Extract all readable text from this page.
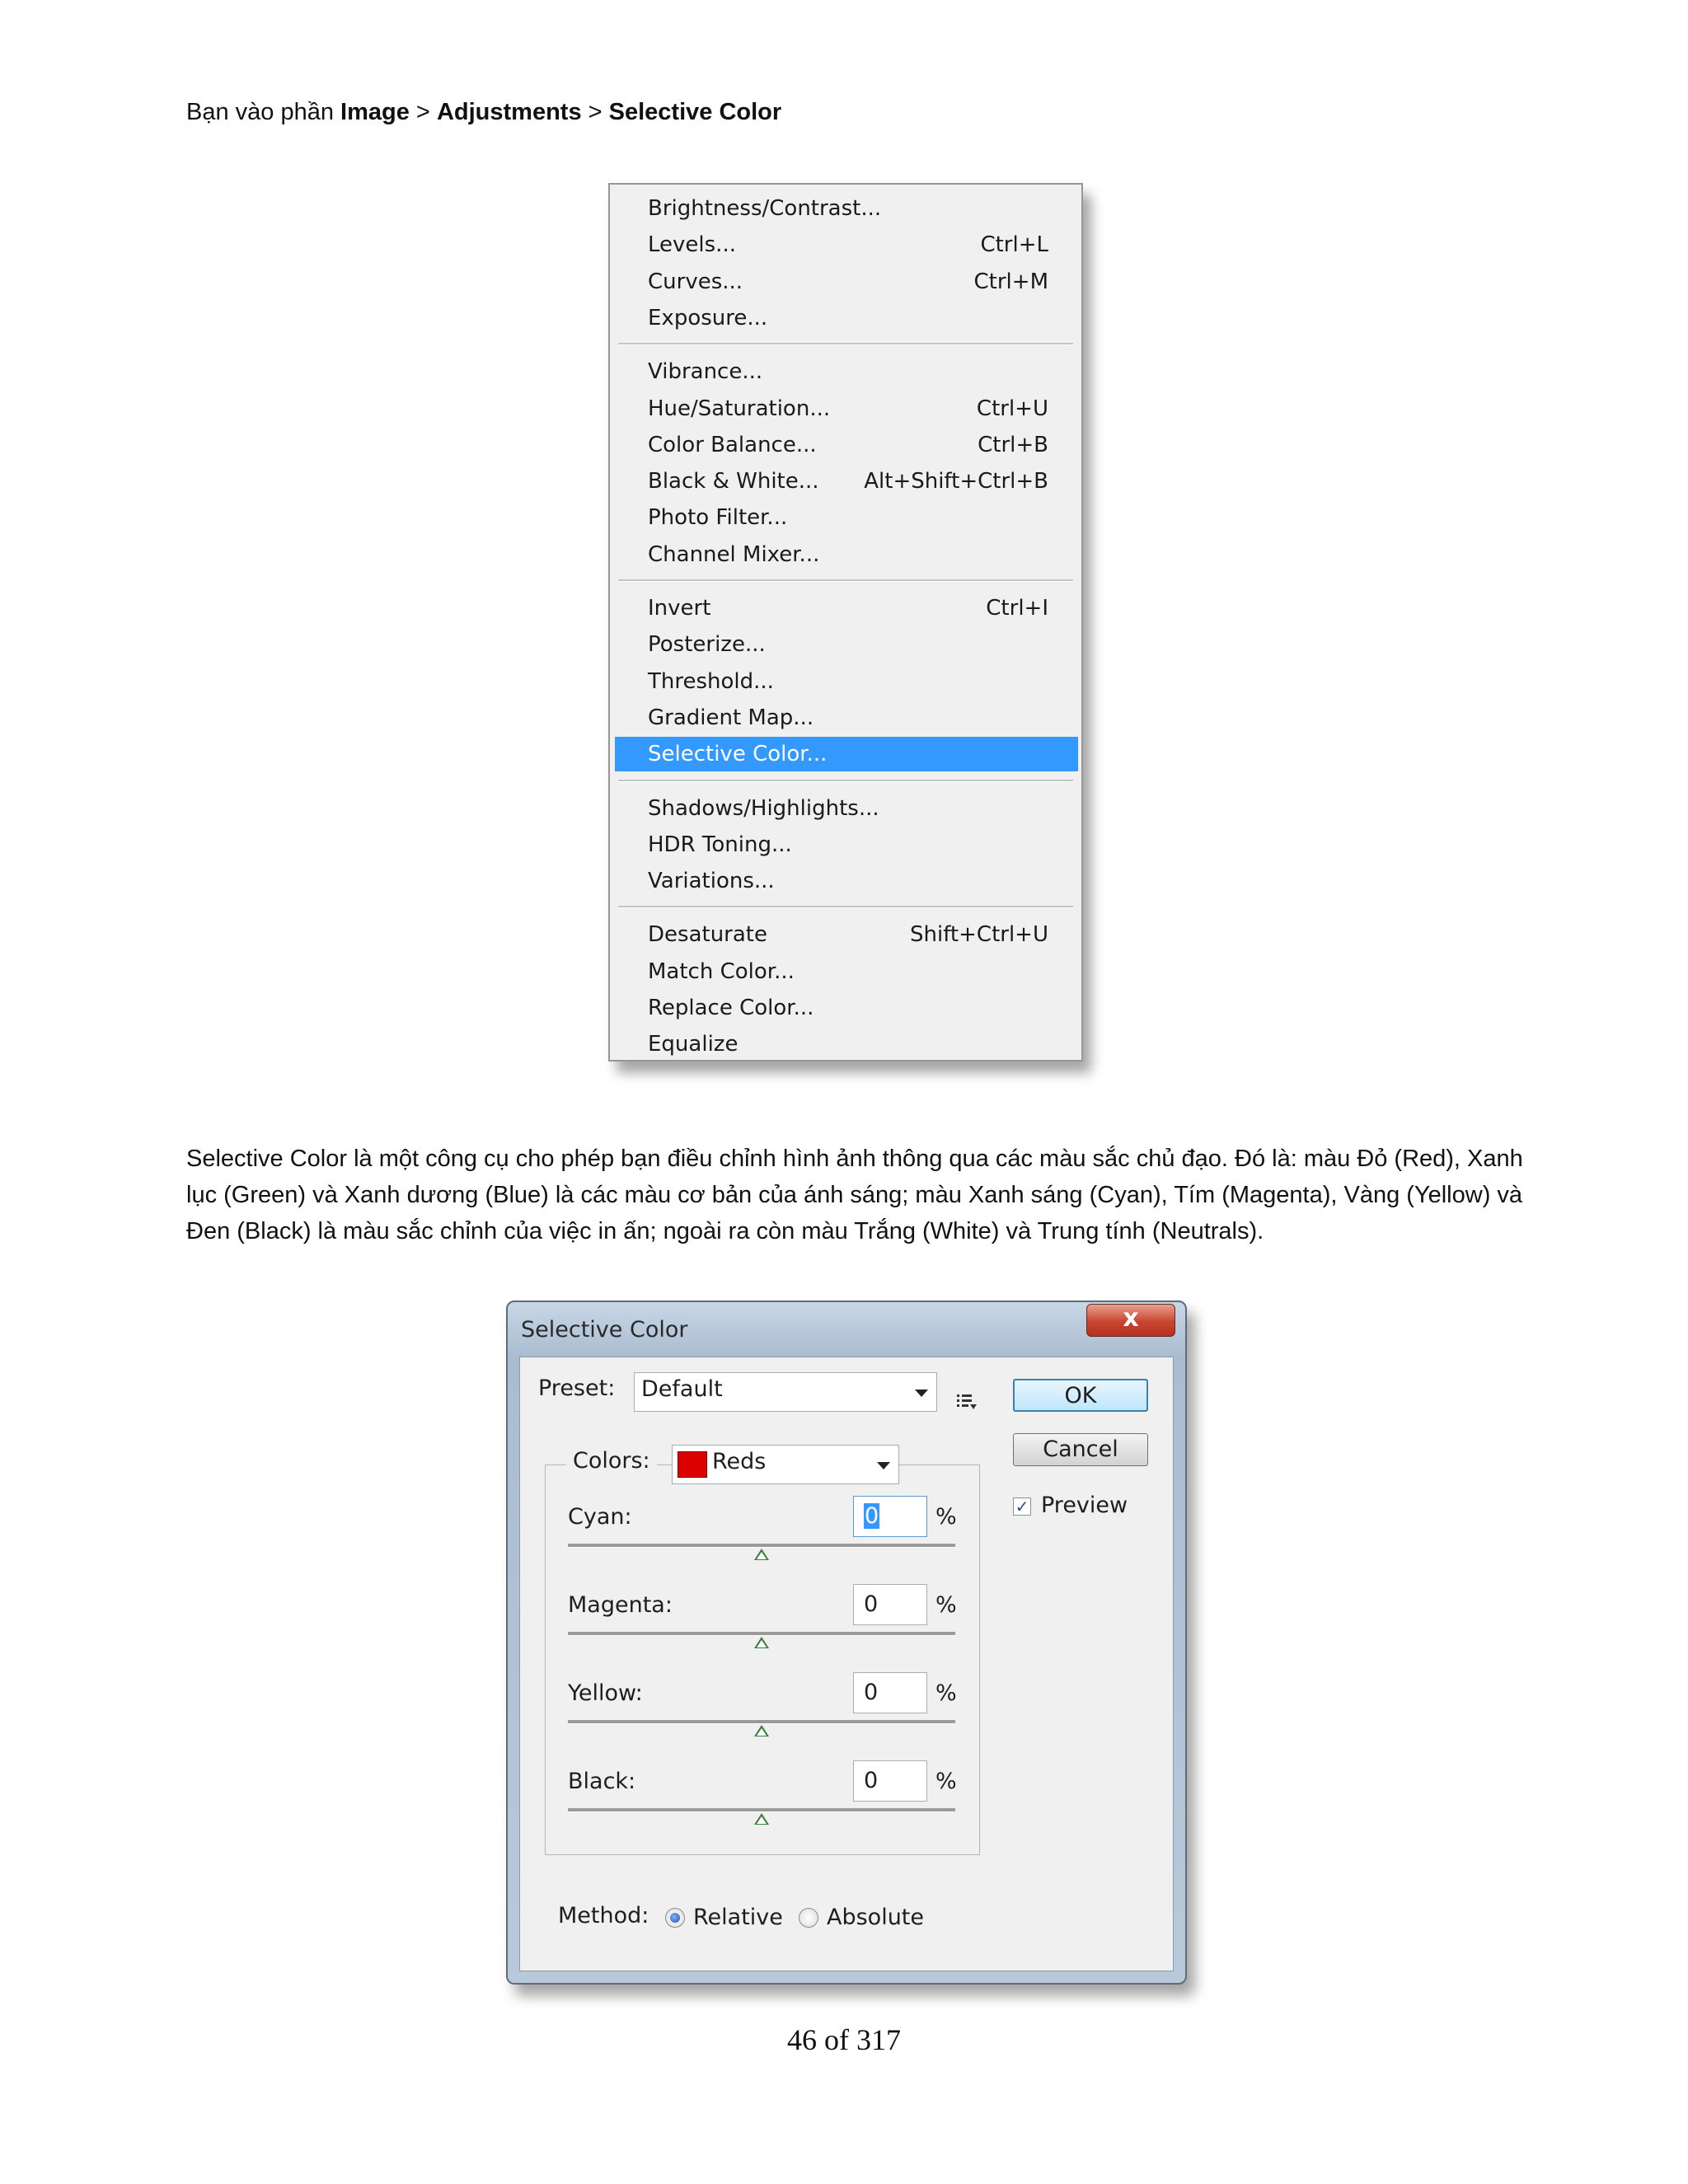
Bạn vào phần Image > Adjustments > Selective Color
Brightness/Contrast...
Levels...	Ctrl+L
Curves...	Ctrl+M
Exposure...
Vibrance...
Hue/Saturation...	Ctrl+U
Color Balance...	Ctrl+B
Black & White... Alt+Shift+Ctrl+B
Photo Filter...
Channel Mixer...
Invert	Ctrl+I
Posterize...
Threshold...
Gradient Map...
Selective Color...
Shadows/Highlights...
HDR Toning...
Variations...
Desaturate	Shift+Ctrl+U
Match Color...
Replace Color...
Equalize
Selective Color là một công cụ cho phép bạn điều chỉnh hình ảnh thông qua các màu sắc chủ đạo. Đó là: màu Đỏ (Red), Xanh lục (Green) và Xanh dương (Blue) là các màu cơ bản của ánh sáng; màu Xanh sáng (Cyan), Tím (Magenta), Vàng (Yellow) và Đen (Black) là màu sắc chỉnh của việc in ấn; ngoài ra còn màu Trắng (White) và Trung tính (Neutrals).
Selective Color	x
Preset: Default	OK
Cancel
✓ Preview
Colors:	Reds
Cyan:	0	%
Magenta:	0	%
Yellow:	0	%
Black:	0	%
Method: Relative Absolute
46 of 317
